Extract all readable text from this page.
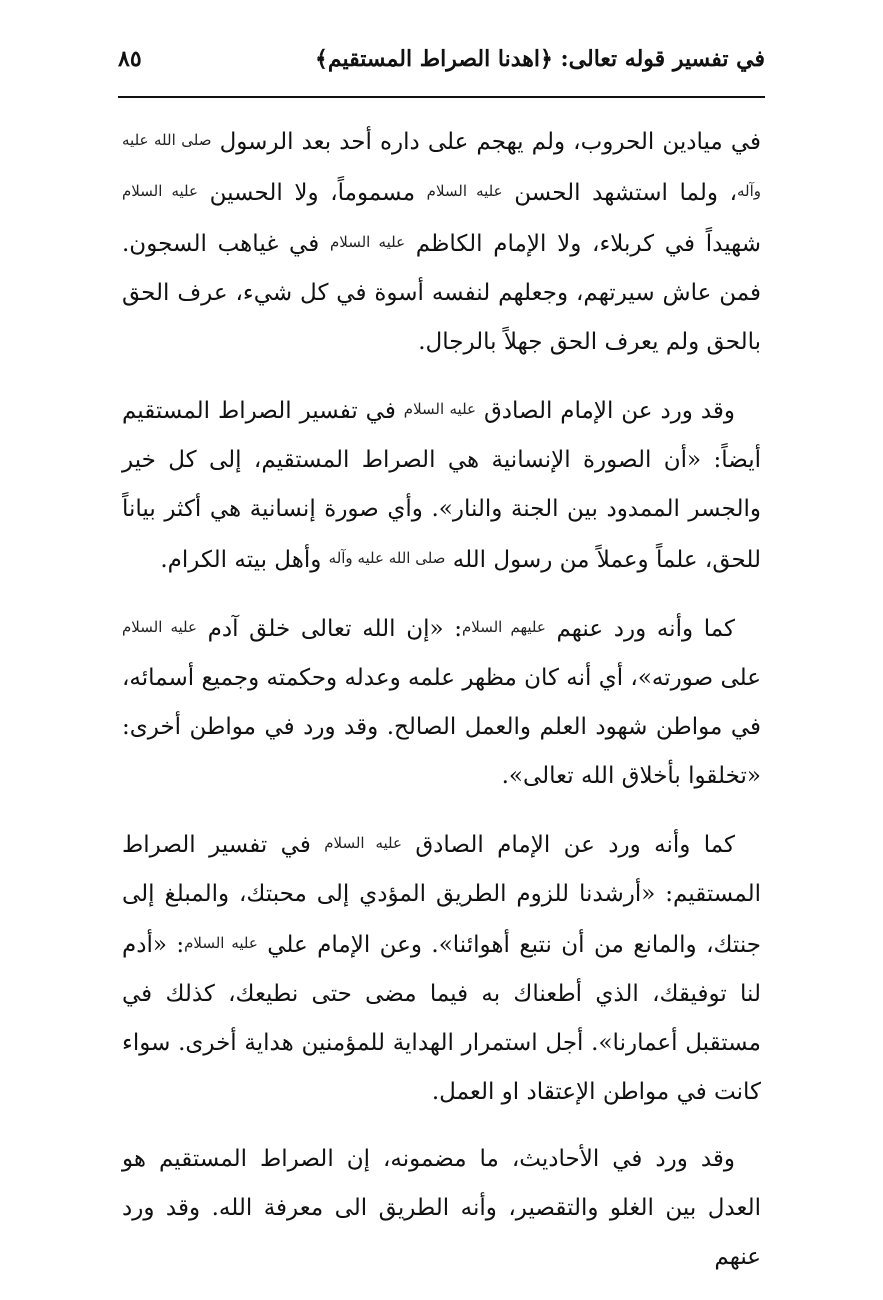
في تفسير قوله تعالى: ﴿اهدنا الصراط المستقيم﴾
٨٥

في ميادين الحروب، ولم يهجم على داره أحد بعد الرسول صلى الله عليه وآله، ولما استشهد الحسن عليه السلام مسموماً، ولا الحسين عليه السلام شهيداً في كربلاء، ولا الإمام الكاظم عليه السلام في غياهب السجون. فمن عاش سيرتهم، وجعلهم لنفسه أسوة في كل شيء، عرف الحق بالحق ولم يعرف الحق جهلاً بالرجال.

وقد ورد عن الإمام الصادق عليه السلام في تفسير الصراط المستقيم أيضاً: «أن الصورة الإنسانية هي الصراط المستقيم، إلى كل خير والجسر الممدود بين الجنة والنار». وأي صورة إنسانية هي أكثر بياناً للحق، علماً وعملاً من رسول الله صلى الله عليه وآله وأهل بيته الكرام.

كما وأنه ورد عنهم عليهم السلام: «إن الله تعالى خلق آدم عليه السلام على صورته»، أي أنه كان مظهر علمه وعدله وحكمته وجميع أسمائه، في مواطن شهود العلم والعمل الصالح. وقد ورد في مواطن أخرى: «تخلقوا بأخلاق الله تعالى».

كما وأنه ورد عن الإمام الصادق عليه السلام في تفسير الصراط المستقيم: «أرشدنا للزوم الطريق المؤدي إلى محبتك، والمبلغ إلى جنتك، والمانع من أن نتبع أهوائنا». وعن الإمام علي عليه السلام: «أدم لنا توفيقك، الذي أطعناك به فيما مضى حتى نطيعك، كذلك في مستقبل أعمارنا». أجل استمرار الهداية للمؤمنين هداية أخرى. سواء كانت في مواطن الإعتقاد او العمل.

وقد ورد في الأحاديث، ما مضمونه، إن الصراط المستقيم هو العدل بين الغلو والتقصير، وأنه الطريق الى معرفة الله. وقد ورد عنهم
